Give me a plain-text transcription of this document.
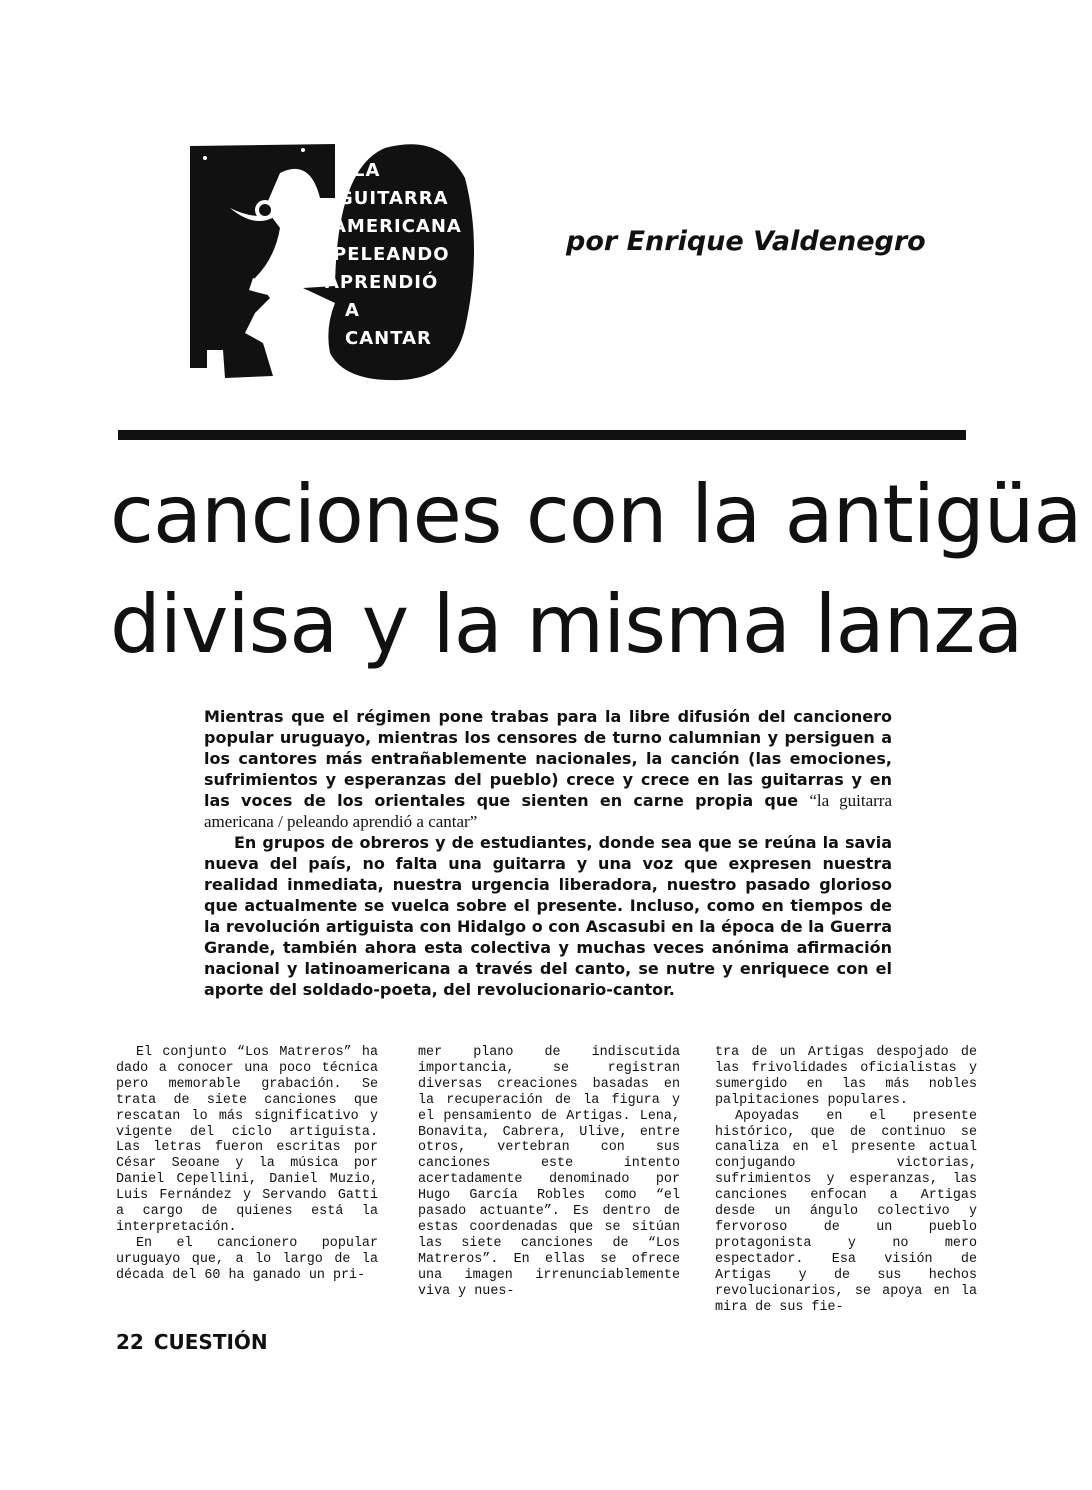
LA
GUITARRA
AMERICANA
PELEANDO
APRENDIÓ
A
CANTAR
por Enrique Valdenegro
canciones con la antigüa
divisa y la misma lanza

Mientras que el régimen pone trabas para la libre difusión del cancionero popular uruguayo, mientras los censores de turno calumnian y persiguen a los cantores más entrañablemente nacionales, la canción (las emociones, sufrimientos y esperanzas del pueblo) crece y crece en las guitarras y en las voces de los orientales que sienten en carne propia que “la guitarra americana / peleando aprendió a cantar”

En grupos de obreros y de estudiantes, donde sea que se reúna la savia nueva del país, no falta una guitarra y una voz que expresen nuestra realidad inmediata, nuestra urgencia liberadora, nuestro pasado glorioso que actualmente se vuelca sobre el presente. Incluso, como en tiempos de la revolución artiguista con Hidalgo o con Ascasubi en la época de la Guerra Grande, también ahora esta colectiva y muchas veces anónima afirmación nacional y latinoamericana a través del canto, se nutre y enriquece con el aporte del soldado-poeta, del revolucionario-cantor.

El conjunto “Los Matreros” ha dado a conocer una poco técnica pero memorable grabación. Se trata de siete canciones que rescatan lo más significativo y vigente del ciclo artiguista. Las letras fueron escritas por César Seoane y la música por Daniel Cepellini, Daniel Muzio, Luis Fernández y Servando Gatti a cargo de quienes está la interpretación.

En el cancionero popular uruguayo que, a lo largo de la década del 60 ha ganado un pri-

mer plano de indiscutida importancia, se registran diversas creaciones basadas en la recuperación de la figura y el pensamiento de Artigas. Lena, Bonavita, Cabrera, Ulive, entre otros, vertebran con sus canciones este intento acertadamente denominado por Hugo García Robles como “el pasado actuante”. Es dentro de estas coordenadas que se sitúan las siete canciones de “Los Matreros”. En ellas se ofrece una imagen irrenunciablemente viva y nues-

tra de un Artigas despojado de las frivolidades oficialistas y sumergido en las más nobles palpitaciones populares.

Apoyadas en el presente histórico, que de continuo se canaliza en el presente actual conjugando victorias, sufrimientos y esperanzas, las canciones enfocan a Artigas desde un ángulo colectivo y fervoroso de un pueblo protagonista y no mero espectador. Esa visión de Artigas y de sus hechos revolucionarios, se apoya en la mira de sus fie-

22 CUESTIÓN
